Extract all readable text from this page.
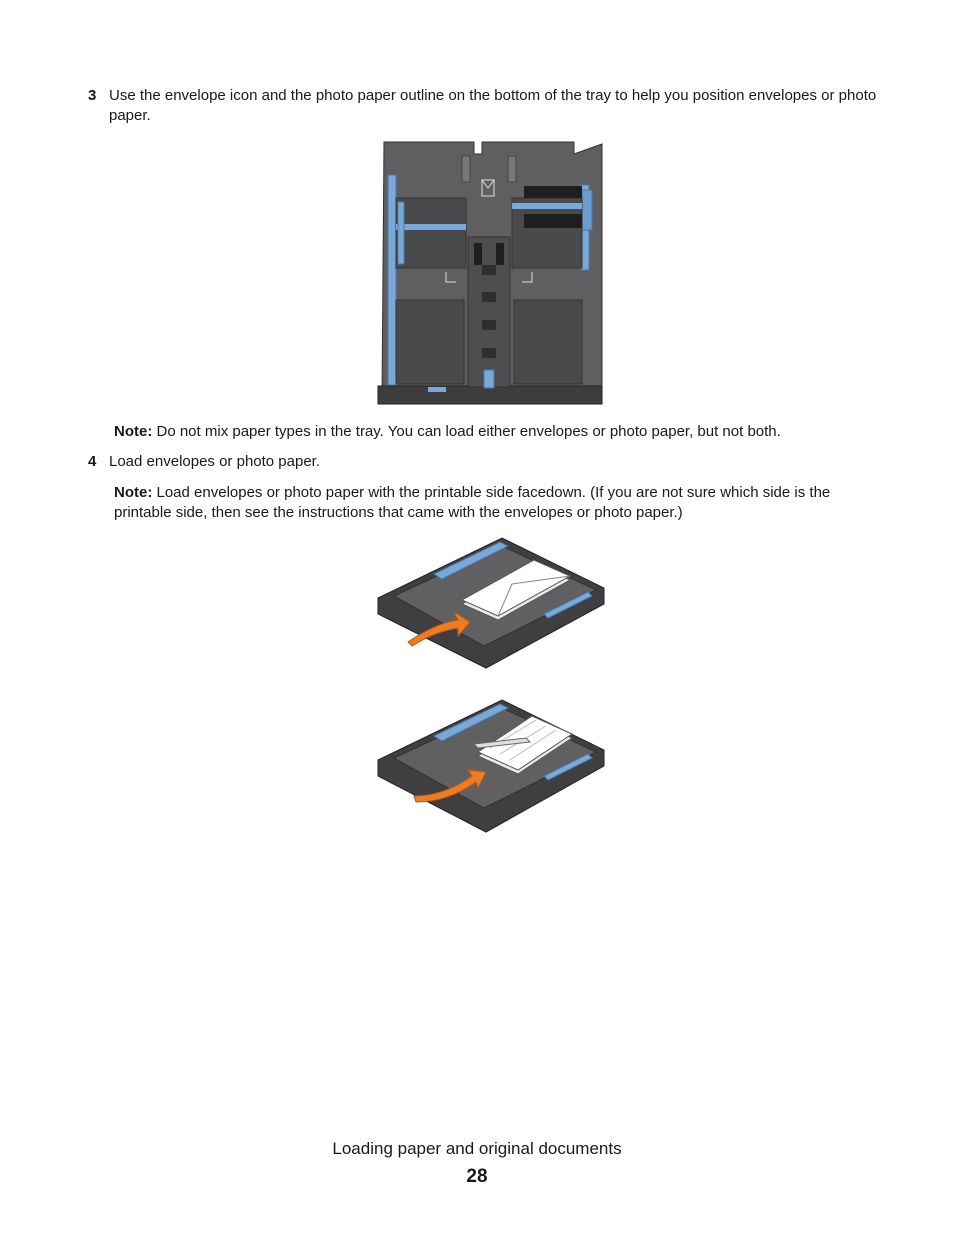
3 Use the envelope icon and the photo paper outline on the bottom of the tray to help you position envelopes or photo paper.
Note: Do not mix paper types in the tray. You can load either envelopes or photo paper, but not both.
4 Load envelopes or photo paper.
Note: Load envelopes or photo paper with the printable side facedown. (If you are not sure which side is the printable side, then see the instructions that came with the envelopes or photo paper.)
Loading paper and original documents
28
